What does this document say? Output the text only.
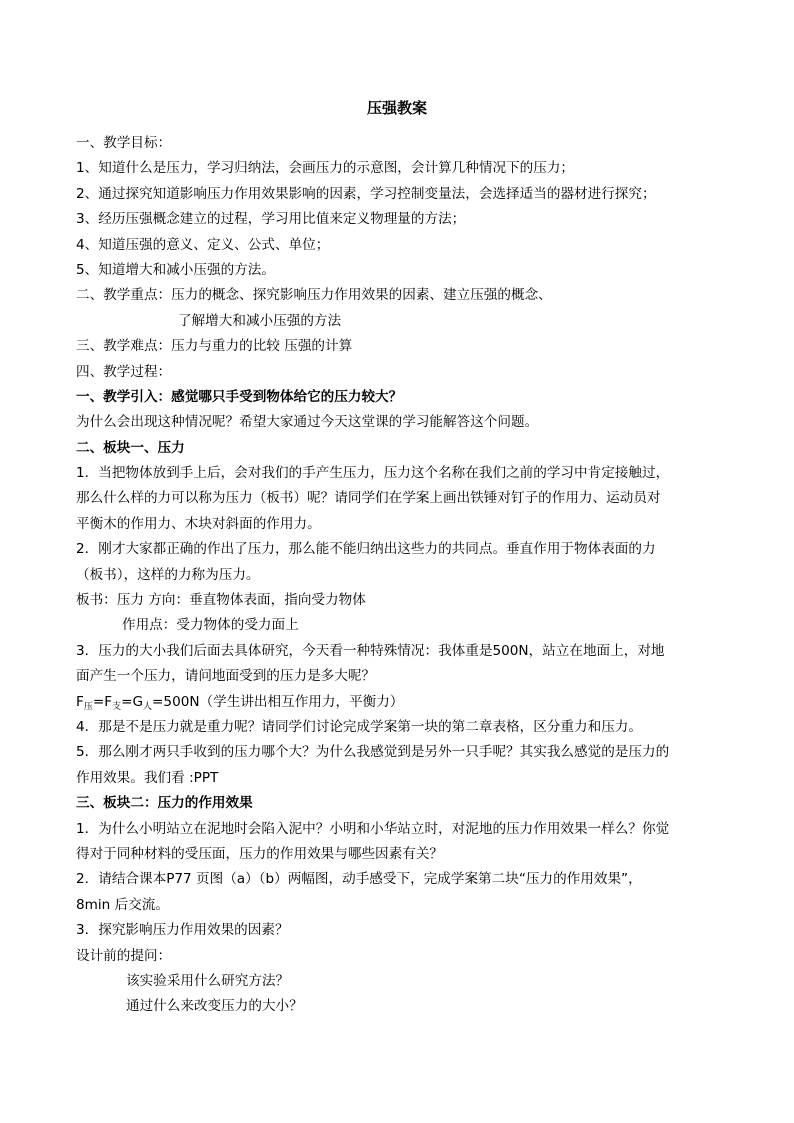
压强教案
一、教学目标：
1、知道什么是压力，学习归纳法，会画压力的示意图，会计算几种情况下的压力；
2、通过探究知道影响压力作用效果影响的因素，学习控制变量法，会选择适当的器材进行探究；
3、经历压强概念建立的过程，学习用比值来定义物理量的方法；
4、知道压强的意义、定义、公式、单位；
5、知道增大和减小压强的方法。
二、教学重点：压力的概念、探究影响压力作用效果的因素、建立压强的概念、
了解增大和减小压强的方法
三、教学难点：压力与重力的比较 压强的计算
四、教学过程：
一、教学引入：感觉哪只手受到物体给它的压力较大？
为什么会出现这种情况呢？希望大家通过今天这堂课的学习能解答这个问题。
二、板块一、压力
1．当把物体放到手上后，会对我们的手产生压力，压力这个名称在我们之前的学习中肯定接触过，
那么什么样的力可以称为压力（板书）呢？请同学们在学案上画出铁锤对钉子的作用力、运动员对
平衡木的作用力、木块对斜面的作用力。
2．刚才大家都正确的作出了压力，那么能不能归纳出这些力的共同点。垂直作用于物体表面的力
（板书），这样的力称为压力。
板书：压力 方向：垂直物体表面，指向受力物体
作用点：受力物体的受力面上
3．压力的大小我们后面去具体研究，今天看一种特殊情况：我体重是500N，站立在地面上，对地
面产生一个压力，请问地面受到的压力是多大呢？
$F_压=F_支=G_人=500N$（学生讲出相互作用力，平衡力）
4．那是不是压力就是重力呢？请同学们讨论完成学案第一块的第二章表格，区分重力和压力。
5．那么刚才两只手收到的压力哪个大？为什么我感觉到是另外一只手呢？其实我么感觉的是压力的
作用效果。我们看 :PPT
三、板块二：压力的作用效果
1．为什么小明站立在泥地时会陷入泥中？小明和小华站立时，对泥地的压力作用效果一样么？你觉
得对于同种材料的受压面，压力的作用效果与哪些因素有关？
2．请结合课本P77 页图（a）（b）两幅图，动手感受下，完成学案第二块“压力的作用效果”，
8min 后交流。
3．探究影响压力作用效果的因素？
设计前的提问：
该实验采用什么研究方法？
通过什么来改变压力的大小？
